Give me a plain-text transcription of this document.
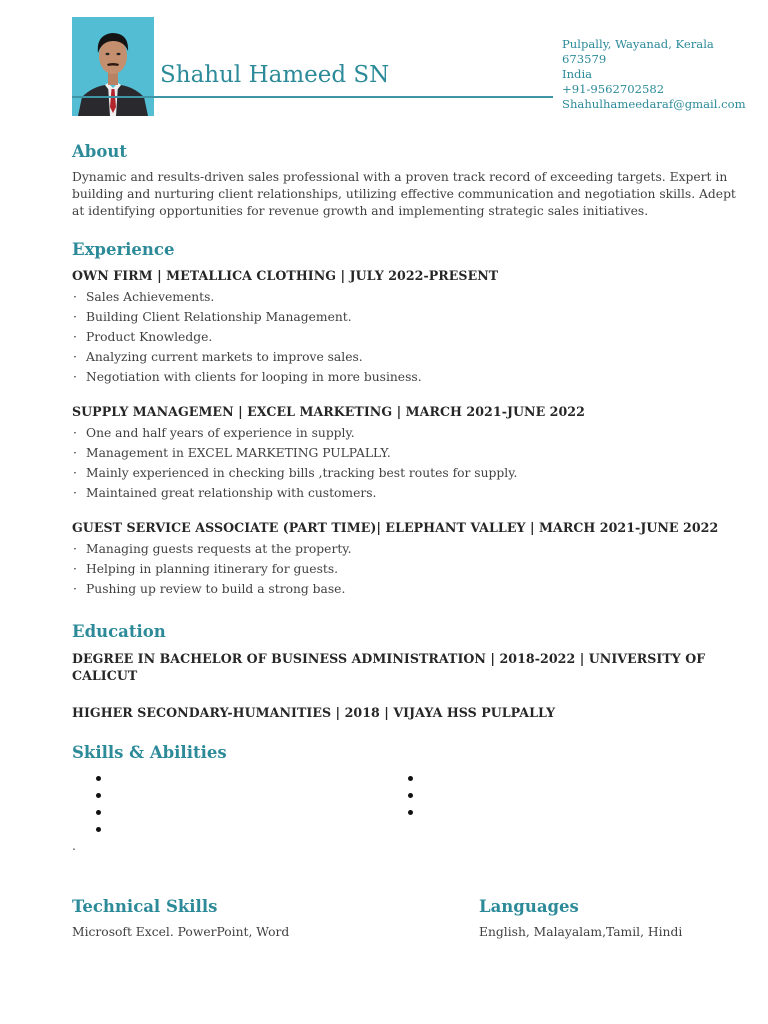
Shahul Hameed SN
Pulpally, Wayanad, Kerala
673579
India
+91-9562702582
Shahulhameedaraf@gmail.com
About
Dynamic and results-driven sales professional with a proven track record of exceeding targets. Expert in
building and nurturing client relationships, utilizing effective communication and negotiation skills. Adept
at identifying opportunities for revenue growth and implementing strategic sales initiatives.
Experience
OWN FIRM | METALLICA CLOTHING | JULY 2022-PRESENT
· Sales Achievements.
· Building Client Relationship Management.
· Product Knowledge.
· Analyzing current markets to improve sales.
· Negotiation with clients for looping in more business.
SUPPLY MANAGEMEN | EXCEL MARKETING | MARCH 2021-JUNE 2022
· One and half years of experience in supply.
· Management in EXCEL MARKETING PULPALLY.
· Mainly experienced in checking bills ,tracking best routes for supply.
· Maintained great relationship with customers.
GUEST SERVICE ASSOCIATE (PART TIME)| ELEPHANT VALLEY | MARCH 2021-JUNE 2022
· Managing guests requests at the property.
· Helping in planning itinerary for guests.
· Pushing up review to build a strong base.
Education
DEGREE IN BACHELOR OF BUSINESS ADMINISTRATION | 2018-2022 | UNIVERSITY OF
CALICUT
HIGHER SECONDARY-HUMANITIES | 2018 | VIJAYA HSS PULPALLY
Skills & Abilities
.
Technical Skills
Microsoft Excel. PowerPoint, Word
Languages
English, Malayalam,Tamil, Hindi
